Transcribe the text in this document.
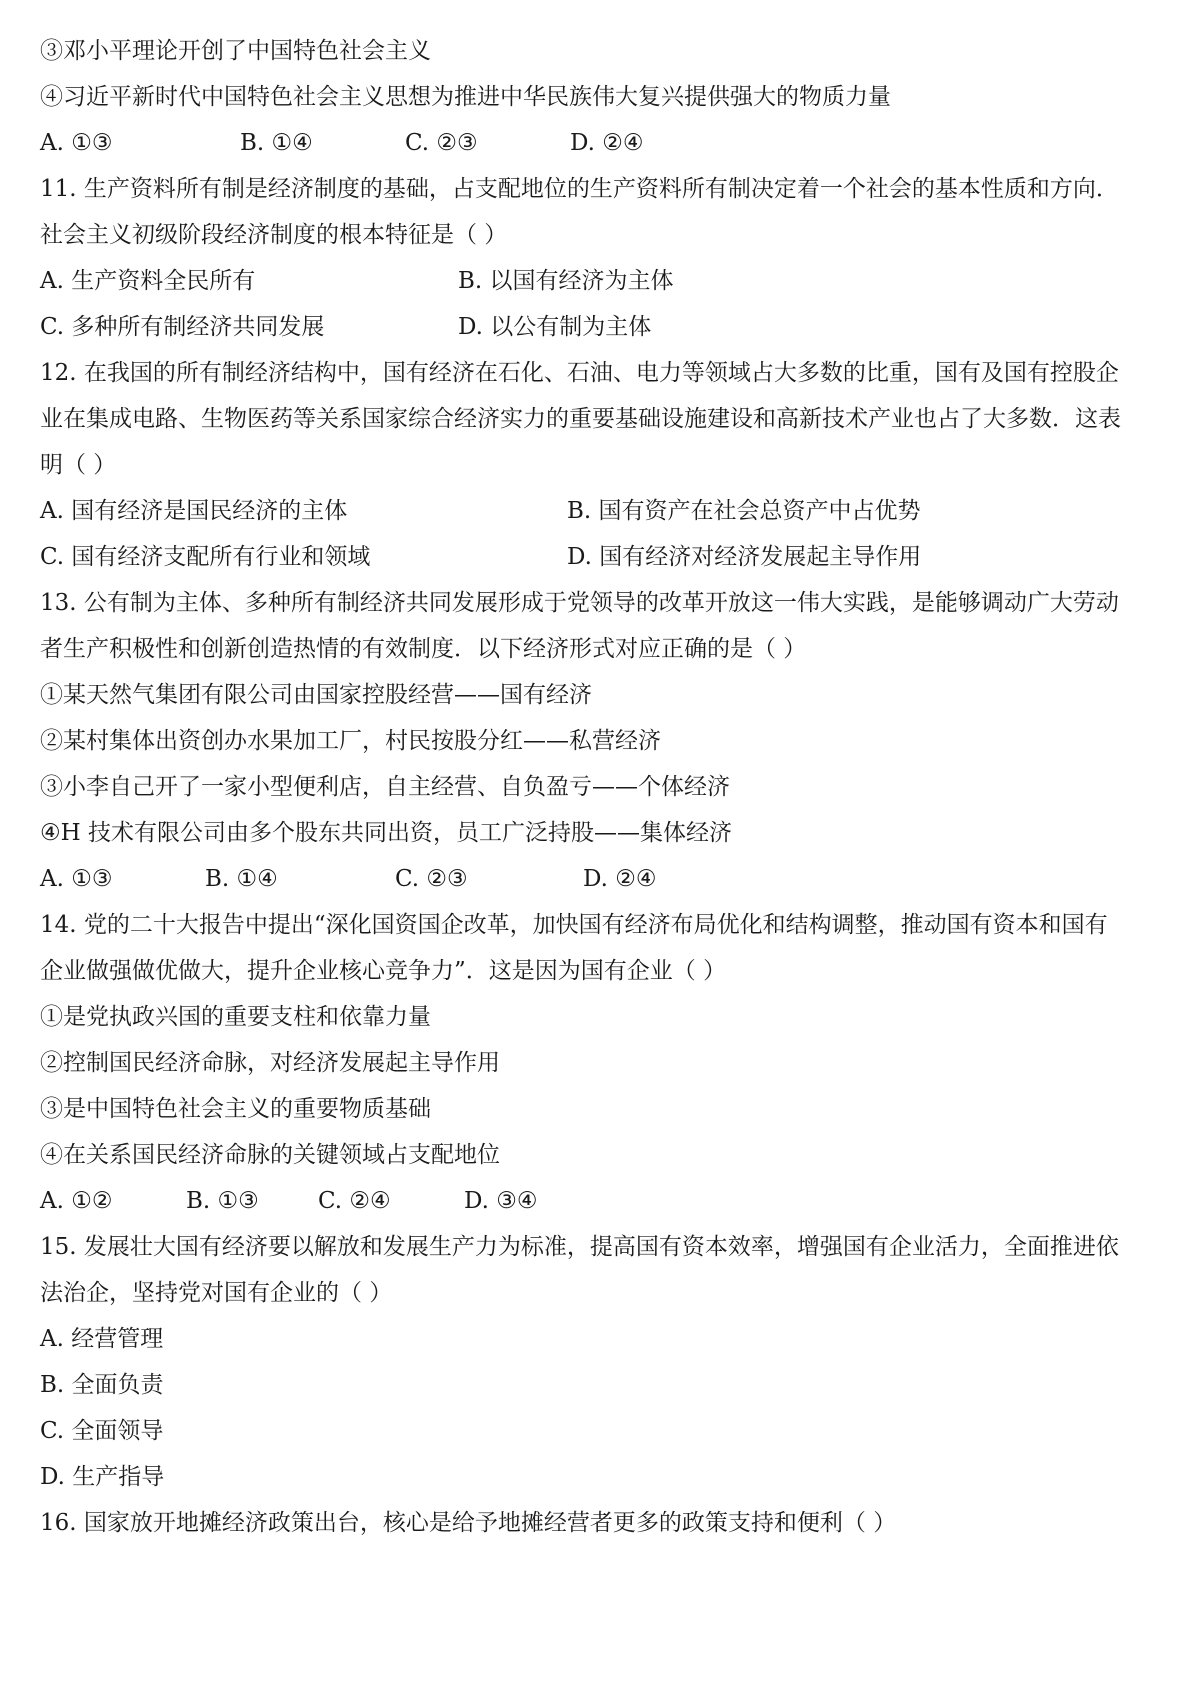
③邓小平理论开创了中国特色社会主义
④习近平新时代中国特色社会主义思想为推进中华民族伟大复兴提供强大的物质力量
A. ①③	B. ①④	C. ②③	D. ②④
11. 生产资料所有制是经济制度的基础，占支配地位的生产资料所有制决定着一个社会的基本性质和方向．
社会主义初级阶段经济制度的根本特征是（ ）
A. 生产资料全民所有	B. 以国有经济为主体
C. 多种所有制经济共同发展	D. 以公有制为主体
12. 在我国的所有制经济结构中，国有经济在石化、石油、电力等领域占大多数的比重，国有及国有控股企
业在集成电路、生物医药等关系国家综合经济实力的重要基础设施建设和高新技术产业也占了大多数．这表
明（ ）
A. 国有经济是国民经济的主体	B. 国有资产在社会总资产中占优势
C. 国有经济支配所有行业和领域	D. 国有经济对经济发展起主导作用
13. 公有制为主体、多种所有制经济共同发展形成于党领导的改革开放这一伟大实践，是能够调动广大劳动
者生产积极性和创新创造热情的有效制度．以下经济形式对应正确的是（ ）
①某天然气集团有限公司由国家控股经营——国有经济
②某村集体出资创办水果加工厂，村民按股分红——私营经济
③小李自己开了一家小型便利店，自主经营、自负盈亏——个体经济
④H 技术有限公司由多个股东共同出资，员工广泛持股——集体经济
A. ①③	B. ①④	C. ②③	D. ②④
14. 党的二十大报告中提出“深化国资国企改革，加快国有经济布局优化和结构调整，推动国有资本和国有
企业做强做优做大，提升企业核心竞争力”．这是因为国有企业（ ）
①是党执政兴国的重要支柱和依靠力量
②控制国民经济命脉，对经济发展起主导作用
③是中国特色社会主义的重要物质基础
④在关系国民经济命脉的关键领域占支配地位
A. ①②	B. ①③	C. ②④	D. ③④
15. 发展壮大国有经济要以解放和发展生产力为标准，提高国有资本效率，增强国有企业活力，全面推进依
法治企，坚持党对国有企业的（ ）
A. 经营管理
B. 全面负责
C. 全面领导
D. 生产指导
16. 国家放开地摊经济政策出台，核心是给予地摊经营者更多的政策支持和便利（ ）
